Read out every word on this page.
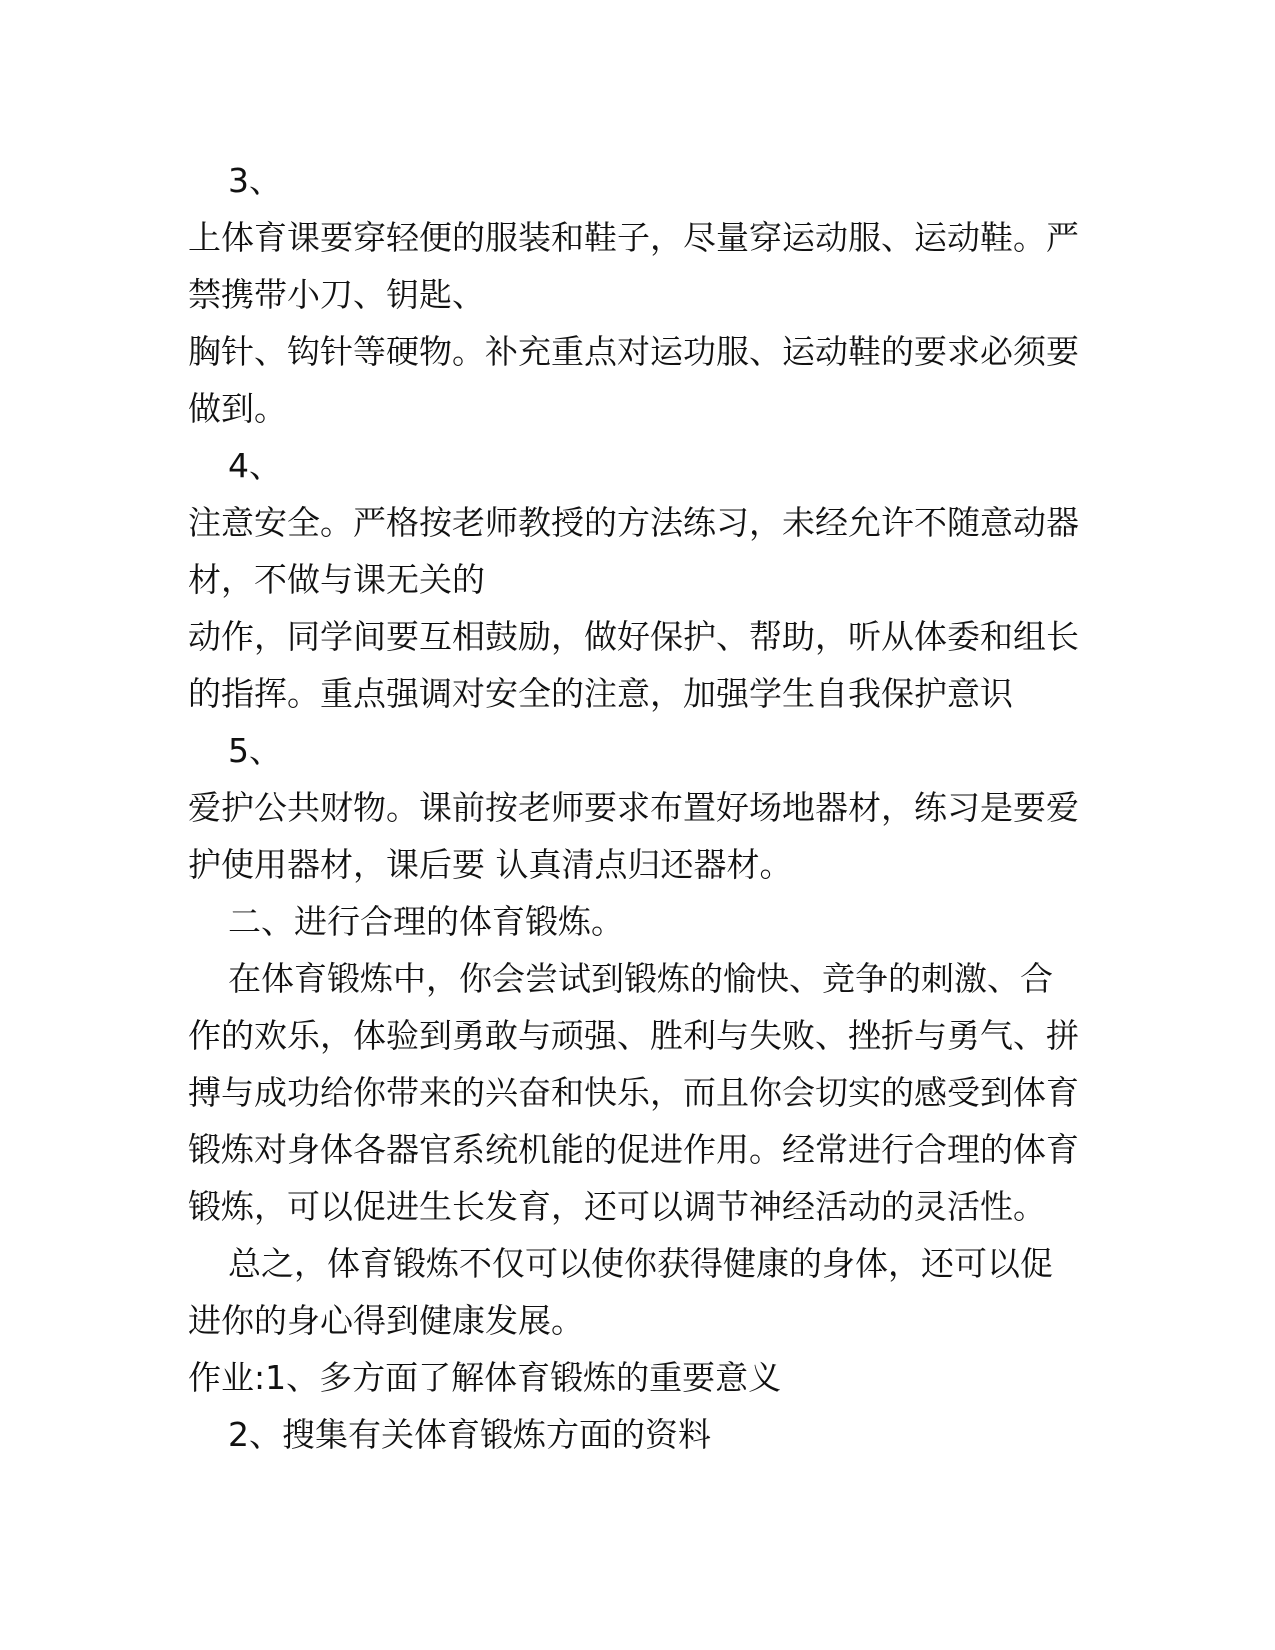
3、
上体育课要穿轻便的服装和鞋子，尽量穿运动服、运动鞋。严
禁携带小刀、钥匙、
胸针、钩针等硬物。补充重点对运功服、运动鞋的要求必须要
做到。
4、
注意安全。严格按老师教授的方法练习，未经允许不随意动器
材，不做与课无关的
动作，同学间要互相鼓励，做好保护、帮助，听从体委和组长
的指挥。重点强调对安全的注意，加强学生自我保护意识
5、
爱护公共财物。课前按老师要求布置好场地器材，练习是要爱
护使用器材，课后要 认真清点归还器材。
二、进行合理的体育锻炼。
在体育锻炼中，你会尝试到锻炼的愉快、竞争的刺激、合
作的欢乐，体验到勇敢与顽强、胜利与失败、挫折与勇气、拼
搏与成功给你带来的兴奋和快乐，而且你会切实的感受到体育
锻炼对身体各器官系统机能的促进作用。经常进行合理的体育
锻炼，可以促进生长发育，还可以调节神经活动的灵活性。
总之，体育锻炼不仅可以使你获得健康的身体，还可以促
进你的身心得到健康发展。
作业:1、多方面了解体育锻炼的重要意义
2、搜集有关体育锻炼方面的资料
